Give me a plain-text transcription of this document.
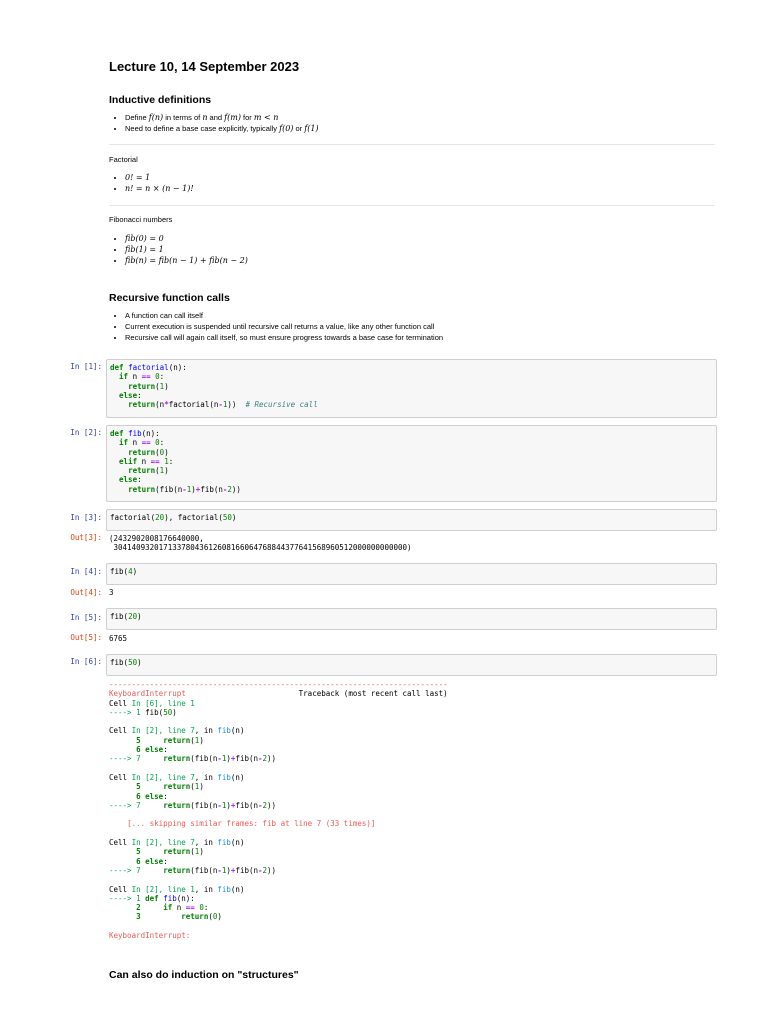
Lecture 10, 14 September 2023
Inductive definitions
• Define f(n) in terms of n and f(m) for m < n
• Need to define a base case explicitly, typically f(0) or f(1)
Factorial
• 0! = 1
• n! = n × (n − 1)!
Fibonacci numbers
• fib(0) = 0
• fib(1) = 1
• fib(n) = fib(n − 1) + fib(n − 2)
Recursive function calls
• A function can call itself
• Current execution is suspended until recursive call returns a value, like any other function call
• Recursive call will again call itself, so must ensure progress towards a base case for termination
In [1]:	def factorial(n):
if n == 0:
return(1)
else:
return(n*factorial(n-1))  # Recursive call
In [2]:	def fib(n):
if n == 0:
return(0)
elif n == 1:
return(1)
else:
return(fib(n-1)+fib(n-2))
In [3]:	factorial(20), factorial(50)
Out[3]: (2432902008176640000,
30414093201713378043612608166064768844377641568960512000000000000)
In [4]:	fib(4)
Out[4]: 3
In [5]:	fib(20)
Out[5]: 6765
In [6]:	fib(50)
---------------------------------------------------------------------------
KeyboardInterrupt	Traceback (most recent call last)
Cell In [6], line 1
----> 1 fib(50)

Cell In [2], line 7, in fib(n)
5	return(1)
6 else:
----> 7	return(fib(n-1)+fib(n-2))

Cell In [2], line 7, in fib(n)
5	return(1)
6 else:
----> 7	return(fib(n-1)+fib(n-2))

[... skipping similar frames: fib at line 7 (33 times)]

Cell In [2], line 7, in fib(n)
5	return(1)
6 else:
----> 7	return(fib(n-1)+fib(n-2))

Cell In [2], line 1, in fib(n)
----> 1 def fib(n):
2	if n == 0:
3	return(0)

KeyboardInterrupt:
Can also do induction on "structures"
